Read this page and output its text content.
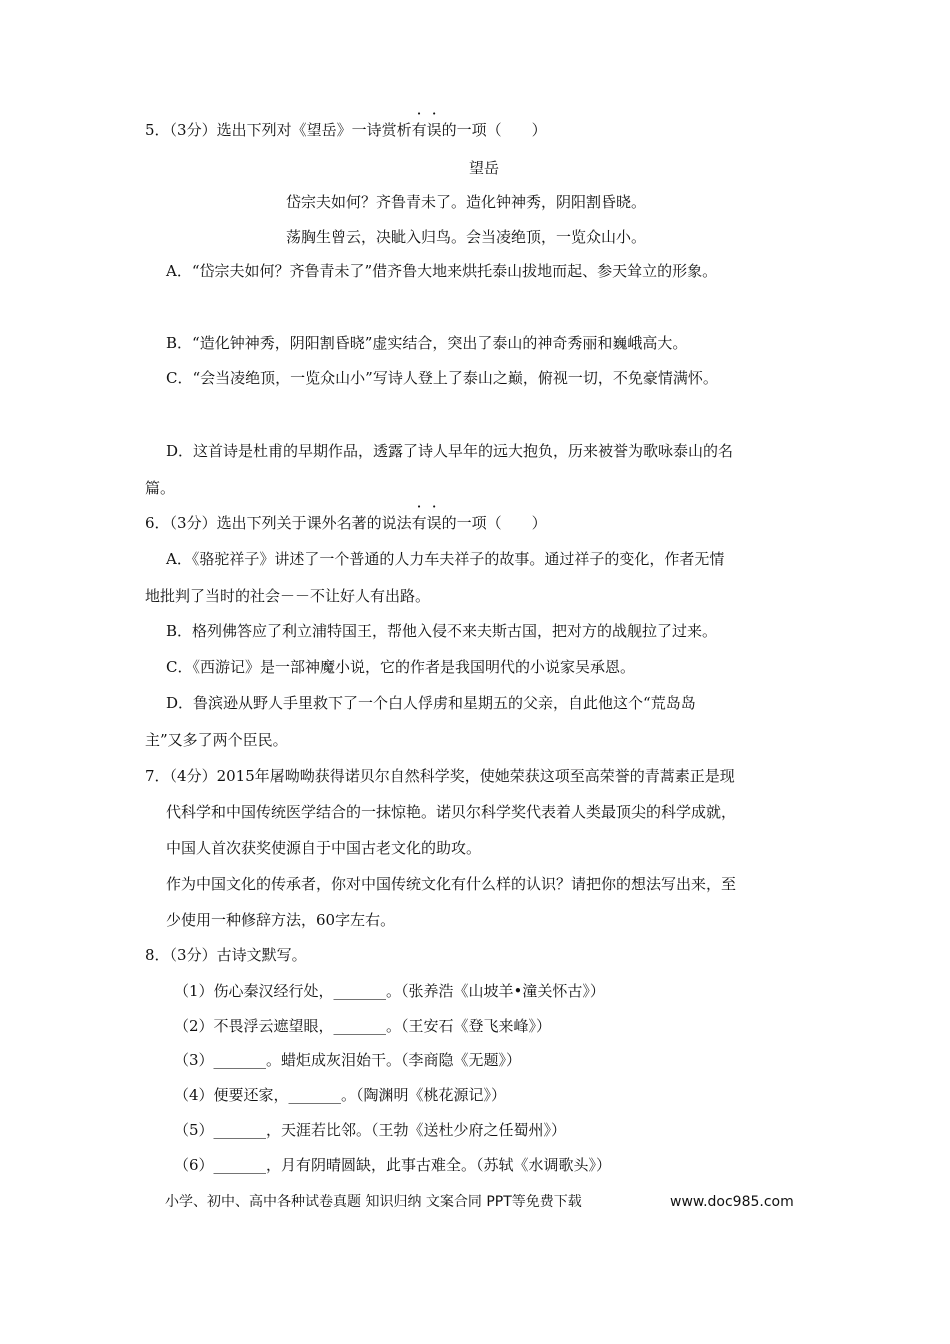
5．（3分）选出下列对《望岳》一诗赏析有误的一项（　　）
望岳
岱宗夫如何？齐鲁青未了。造化钟神秀，阴阳割昏晓。
荡胸生曾云，决眦入归鸟。会当凌绝顶，一览众山小。
A．“岱宗夫如何？齐鲁青未了”借齐鲁大地来烘托泰山拔地而起、参天耸立的形象。
B．“造化钟神秀，阴阳割昏晓”虚实结合，突出了泰山的神奇秀丽和巍峨高大。
C．“会当凌绝顶，一览众山小”写诗人登上了泰山之巅，俯视一切，不免豪情满怀。
D．这首诗是杜甫的早期作品，透露了诗人早年的远大抱负，历来被誉为歌咏泰山的名
篇。
6．（3分）选出下列关于课外名著的说法有误的一项（　　）
A．《骆驼祥子》讲述了一个普通的人力车夫祥子的故事。通过祥子的变化，作者无情
地批判了当时的社会－－不让好人有出路。
B．格列佛答应了利立浦特国王，帮他入侵不来夫斯古国，把对方的战舰拉了过来。
C．《西游记》是一部神魔小说，它的作者是我国明代的小说家吴承恩。
D．鲁滨逊从野人手里救下了一个白人俘虏和星期五的父亲，自此他这个“荒岛岛
主”又多了两个臣民。
7．（4分）2015年屠呦呦获得诺贝尔自然科学奖，使她荣获这项至高荣誉的青蒿素正是现
代科学和中国传统医学结合的一抹惊艳。诺贝尔科学奖代表着人类最顶尖的科学成就，
中国人首次获奖使源自于中国古老文化的助攻。
作为中国文化的传承者，你对中国传统文化有什么样的认识？请把你的想法写出来，至
少使用一种修辞方法，60字左右。
8．（3分）古诗文默写。
（1）伤心秦汉经行处，_______。（张养浩《山坡羊•潼关怀古》）
（2）不畏浮云遮望眼，_______。（王安石《登飞来峰》）
（3）_______。蜡炬成灰泪始干。（李商隐《无题》）
（4）便要还家，_______。（陶渊明《桃花源记》）
（5）_______，天涯若比邻。（王勃《送杜少府之任蜀州》）
（6）_______，月有阴晴圆缺，此事古难全。（苏轼《水调歌头》）
小学、初中、高中各种试卷真题 知识归纳 文案合同 PPT等免费下载	www.doc985.com
